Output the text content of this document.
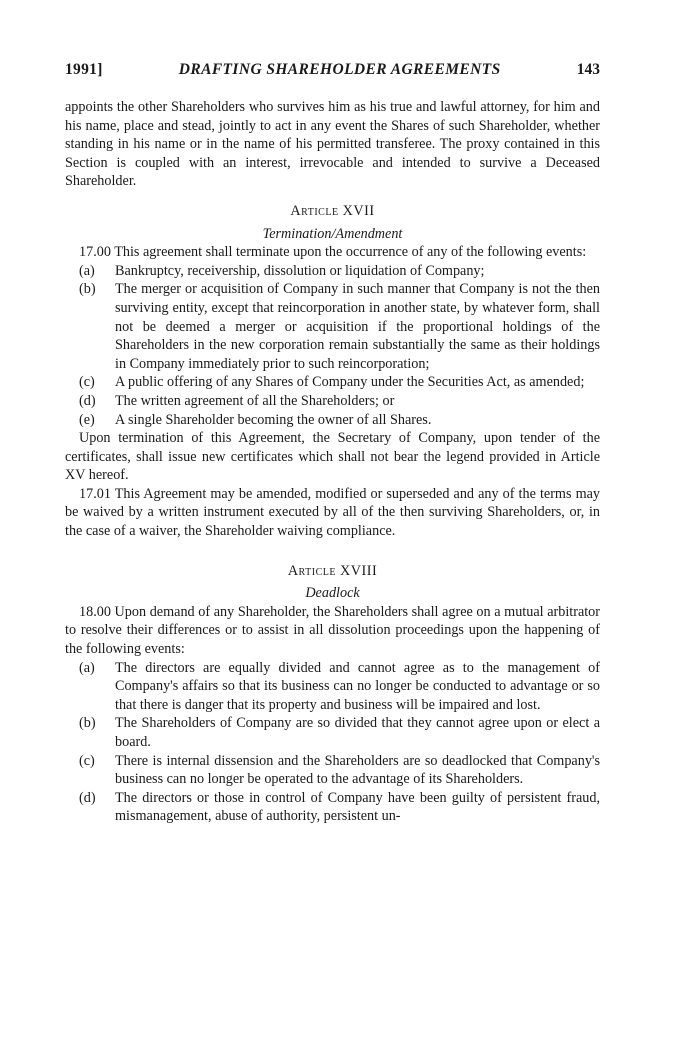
1991]	DRAFTING SHAREHOLDER AGREEMENTS	143

appoints the other Shareholders who survives him as his true and lawful attorney, for him and his name, place and stead, jointly to act in any event the Shares of such Shareholder, whether standing in his name or in the name of his permitted transferee. The proxy contained in this Section is coupled with an interest, irrevocable and intended to survive a Deceased Shareholder.

Article XVII

Termination/Amendment

17.00 This agreement shall terminate upon the occurrence of any of the following events:

(a)	Bankruptcy, receivership, dissolution or liquidation of Company;
(b)	The merger or acquisition of Company in such manner that Company is not the then surviving entity, except that reincorporation in another state, by whatever form, shall not be deemed a merger or acquisition if the proportional holdings of the Shareholders in the new corporation remain substantially the same as their holdings in Company immediately prior to such reincorporation;
(c)	A public offering of any Shares of Company under the Securities Act, as amended;
(d)	The written agreement of all the Shareholders; or
(e)	A single Shareholder becoming the owner of all Shares.

Upon termination of this Agreement, the Secretary of Company, upon tender of the certificates, shall issue new certificates which shall not bear the legend provided in Article XV hereof.

17.01 This Agreement may be amended, modified or superseded and any of the terms may be waived by a written instrument executed by all of the then surviving Shareholders, or, in the case of a waiver, the Shareholder waiving compliance.

Article XVIII

Deadlock

18.00 Upon demand of any Shareholder, the Shareholders shall agree on a mutual arbitrator to resolve their differences or to assist in all dissolution proceedings upon the happening of the following events:

(a)	The directors are equally divided and cannot agree as to the management of Company's affairs so that its business can no longer be conducted to advantage or so that there is danger that its property and business will be impaired and lost.
(b)	The Shareholders of Company are so divided that they cannot agree upon or elect a board.
(c)	There is internal dissension and the Shareholders are so deadlocked that Company's business can no longer be operated to the advantage of its Shareholders.
(d)	The directors or those in control of Company have been guilty of persistent fraud, mismanagement, abuse of authority, persistent un-
